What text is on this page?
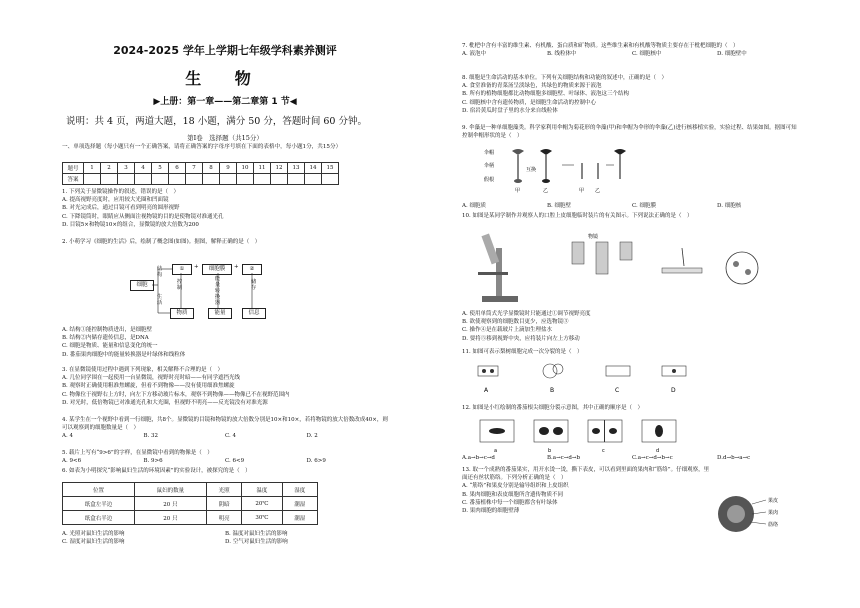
2024-2025 学年上学期七年级学科素养测评
生 物
▶上册：第一章——第二章第 1 节◀
说明：共 4 页，两道大题，18 小题，满分 50 分，答题时间 60 分钟。
第Ⅰ卷　选择题（共15分）
一、单项选择题（每小题只有一个正确答案，请将正确答案的字母序号填在下面的表格中，每小题1分，共15分）
题号	1	2	3	4	5	6	7	8	9	10	11	12	13	14	15
答案															
1. 下列关于显微镜操作的叙述，错误的是（　）
A. 提高视野亮度时，应用较大光圈和凹面镜
B. 对光完成后，通过目镜可看到明亮的圆形视野
C. 下降镜筒时，眼睛应从侧面注视物镜的目的是使物镜对准通光孔
D. 目镜5×和物镜10×的组合，显微镜的放大倍数为200
2. 小萌学习《细胞的生活》后，绘制了概念图(如图)。据图，解释正确的是（　）
细胞
结构
生活
①	+	细胞膜	+	②
控制
能量转换器
储存
物质	能量	信息
A. 结构①能控制物质进出，是细胞壁
B. 结构②内储存遗传信息，是DNA
C. 细胞是物质、能量和信息变化的统一
D. 番茄果肉细胞中的能量转换器是叶绿体和线粒体
3. 在显微镜使用过程中遇到下列现象，相关解释不合理的是（　）
A. 几位同学围在一起使用一台显微镜，视野时亮时暗——有同学遮挡光线
B. 观察时正确使用粗准焦螺旋，但看不到物像——没有使用细准焦螺旋
C. 物像位于视野右上方时，向左下方移动玻片标本，观察不到物像——物像已不在视野范围内
D. 对光时，低倍物镜已对准通光孔和大光圈，但视野不明亮——反光镜没有对准光源
4. 某学生在一个视野中看到一行细胞，共8个。显微镜的目镜和物镜的放大倍数分别是10×和10×，若将物镜的放大倍数改成40×，则可以观察到的细胞数量是（　）
A. 4	B. 32	C. 4	D. 2
5. 载片上写有“9>6”的字样，在显微镜中看到的物像是（　）
A. 9<6	B. 9>6	C. 6<9	D. 6>9
6. 如表为小明探究“影响鼠妇生活的环境因素”的实验设计，被探究的是（　）
位置	鼠妇的数量	光照	温度	湿度
纸盒左半边	20 只	阴暗	20℃	潮湿
纸盒右半边	20 只	明亮	30℃	潮湿
A. 光照对鼠妇生活的影响	B. 温度对鼠妇生活的影响
C. 湿度对鼠妇生活的影响	D. 空气对鼠妇生活的影响
7. 枇杷中含有丰富的维生素、有机酸、蛋白质和矿物质。这些维生素和有机酸等物质主要存在于枇杷细胞的（　）
A. 液泡中	B. 线粒体中	C. 细胞核中	D. 细胞壁中
8. 细胞是生命活动的基本单位。下列有关细胞结构和功能的叙述中，正确的是（　）
A. 食堂准备的青菜汤呈淡绿色，其绿色的物质来源于液泡
B. 所有的植物细胞都比动物细胞多细胞壁、叶绿体、液泡这三个结构
C. 细胞核中含有遗传物质，是细胞生命活动的控制中心
D. 宿岩黄瓜时盘子里的水分来自线粒体
9. 伞藻是一种单细胞藻类。科学家利用伞帽为菊花形的伞藻(甲)和伞帽为伞形的伞藻(乙)进行核移植实验，实验过程、结果如图。据图可知控制伞帽形状的是（　）
伞帽
伞柄
假根
甲	乙
互换
甲 乙
A. 细胞质	B. 细胞壁	C. 细胞膜	D. 细胞核
10. 如图是某同学制作并观察人的口腔上皮细胞临时装片的有关图示。下列说法正确的是（　）
物镜
A. 使用单筒式光学显微镜时只能通过①调节视野亮度
B. 欲使观察到的细胞数目更少，应选物镜③
C. 操作④是在载玻片上滴加生理盐水
D. 要将⑤移到视野中央，应将装片向左上方移动
11. 如图可表示梨树细胞完成一次分裂的是（　）
A	B	C	D
12. 如图是小红绘制的番茄根尖细胞分裂示意图，其中正确的顺序是（　）
a	b	c	d
A.a→b→c→d	B.a→c→d→b	C.a→c→d→b→c	D.d→b→a→c
13. 取一个成熟的番茄果实，用开水烫一烫，撕下表皮，可以看到里面的果肉和“筋络”。仔细观察，里面还有丝状筋络。下列分析正确的是（　）
A. “筋络”和果皮分别是输导组织和上皮组织
B. 果肉细胞和表皮细胞所含遗传物质不同
C. 番茄植株中每一个细胞都含有叶绿体
D. 果肉细胞的细胞壁薄
果皮
果肉
筋络
